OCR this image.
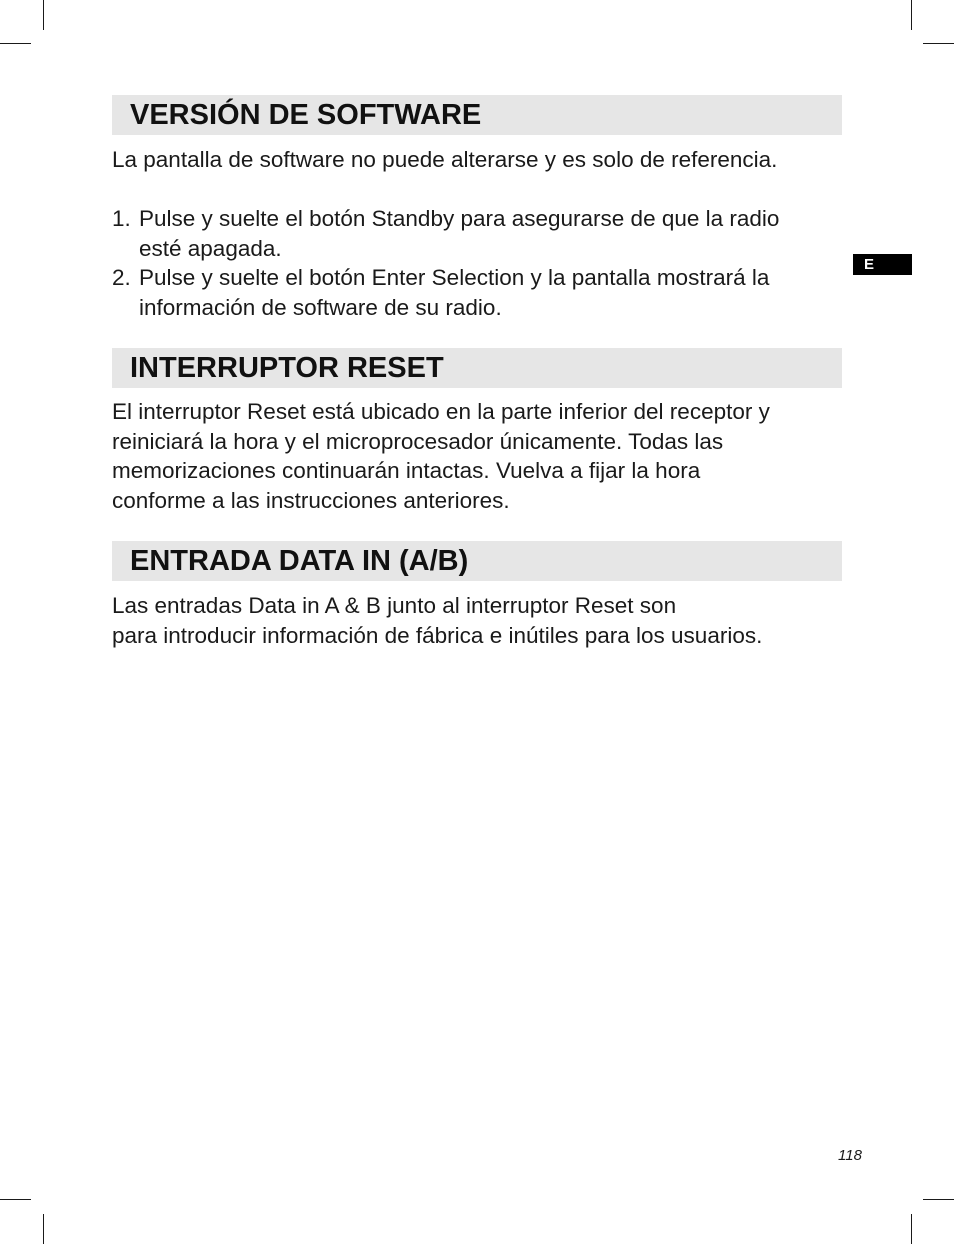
VERSIÓN DE SOFTWARE

La pantalla de software no puede alterarse y es solo de referencia.

1. Pulse y suelte el botón Standby para asegurarse de que la radio
esté apagada.
2. Pulse y suelte el botón Enter Selection y la pantalla mostrará la
información de software de su radio.
INTERRUPTOR RESET

El interruptor Reset está ubicado en la parte inferior del receptor y
reiniciará la hora y el microprocesador únicamente. Todas las
memorizaciones continuarán intactas. Vuelva a fijar la hora
conforme a las instrucciones anteriores.

ENTRADA DATA IN (A/B)

Las entradas Data in A & B junto al interruptor Reset son
para introducir información de fábrica e inútiles para los usuarios.

E
118
